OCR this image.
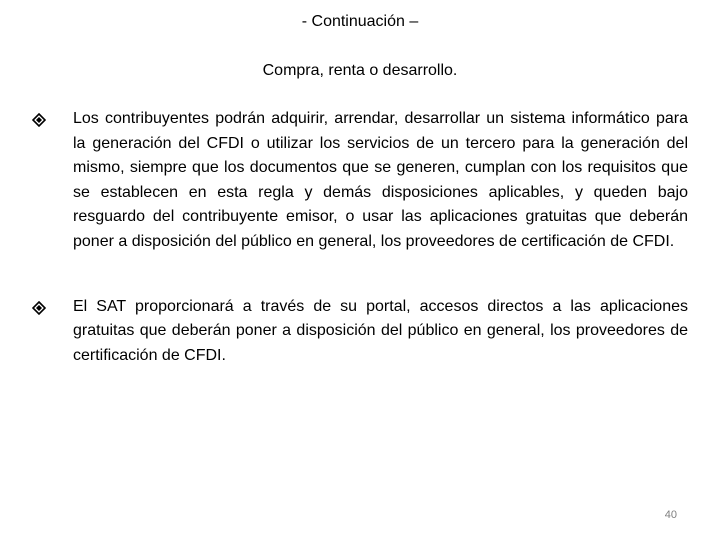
- Continuación –
Compra, renta o desarrollo.
Los contribuyentes podrán adquirir, arrendar, desarrollar un sistema informático para la generación del CFDI o utilizar los servicios de un tercero para la generación del mismo, siempre que los documentos que se generen, cumplan con los requisitos que se establecen en esta regla y demás disposiciones aplicables, y queden bajo resguardo del contribuyente emisor, o usar las aplicaciones gratuitas que deberán poner a disposición del público en general, los proveedores de certificación de CFDI.
El SAT proporcionará a través de su portal, accesos directos a las aplicaciones gratuitas que deberán poner a disposición del público en general, los proveedores de certificación de CFDI.
40
